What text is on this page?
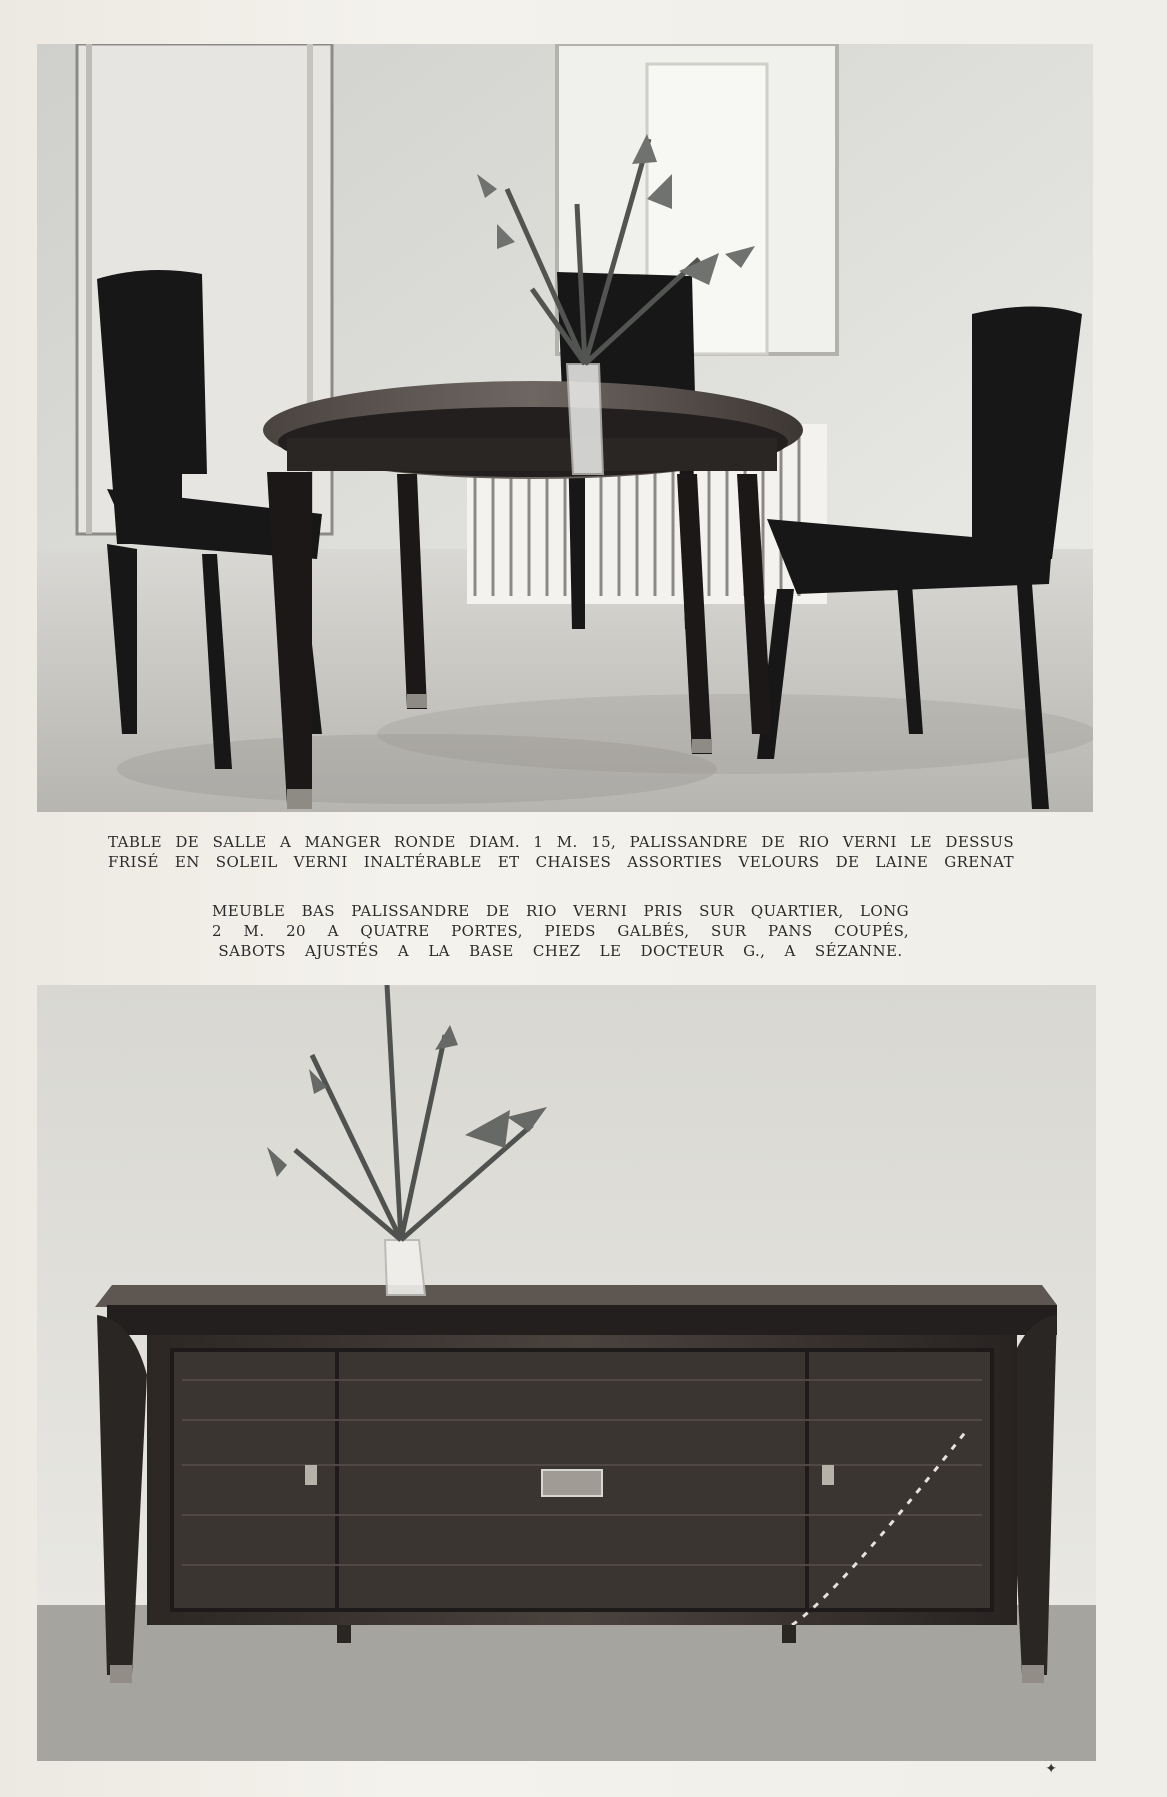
TABLE DE SALLE A MANGER RONDE DIAM. 1 M. 15, PALISSANDRE DE RIO VERNI LE DESSUS
FRISÉ EN SOLEIL VERNI INALTÉRABLE ET CHAISES ASSORTIES VELOURS DE LAINE GRENAT
MEUBLE BAS PALISSANDRE DE RIO VERNI PRIS SUR QUARTIER, LONG
2 M. 20 A QUATRE PORTES, PIEDS GALBÉS, SUR PANS COUPÉS,
SABOTS AJUSTÉS A LA BASE CHEZ LE DOCTEUR G., A SÉZANNE.
✦
